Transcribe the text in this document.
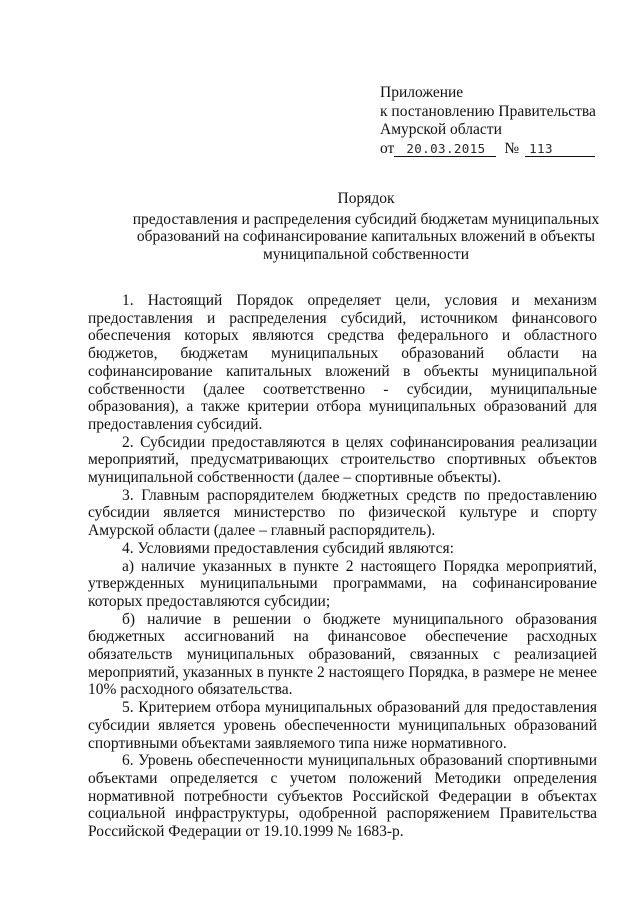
Приложение
к постановлению Правительства
Амурской области
от 20.03.2015 № 113
Порядок
предоставления и распределения субсидий бюджетам муниципальных образований на софинансирование капитальных вложений в объекты муниципальной собственности

1. Настоящий Порядок определяет цели, условия и механизм предоставления и распределения субсидий, источником финансового обеспечения которых являются средства федерального и областного бюджетов, бюджетам муниципальных образований области на софинансирование капитальных вложений в объекты муниципальной собственности (далее соответственно - субсидии, муниципальные образования), а также критерии отбора муниципальных образований для предоставления субсидий.

2. Субсидии предоставляются в целях софинансирования реализации мероприятий, предусматривающих строительство спортивных объектов муниципальной собственности (далее – спортивные объекты).

3. Главным распорядителем бюджетных средств по предоставлению субсидии является министерство по физической культуре и спорту Амурской области (далее – главный распорядитель).

4. Условиями предоставления субсидий являются:

а) наличие указанных в пункте 2 настоящего Порядка мероприятий, утвержденных муниципальными программами, на софинансирование которых предоставляются субсидии;

б) наличие в решении о бюджете муниципального образования бюджетных ассигнований на финансовое обеспечение расходных обязательств муниципальных образований, связанных с реализацией мероприятий, указанных в пункте 2 настоящего Порядка, в размере не менее 10% расходного обязательства.

5. Критерием отбора муниципальных образований для предоставления субсидии является уровень обеспеченности муниципальных образований спортивными объектами заявляемого типа ниже нормативного.

6. Уровень обеспеченности муниципальных образований спортивными объектами определяется с учетом положений Методики определения нормативной потребности субъектов Российской Федерации в объектах социальной инфраструктуры, одобренной распоряжением Правительства Российской Федерации от 19.10.1999 № 1683-р.
